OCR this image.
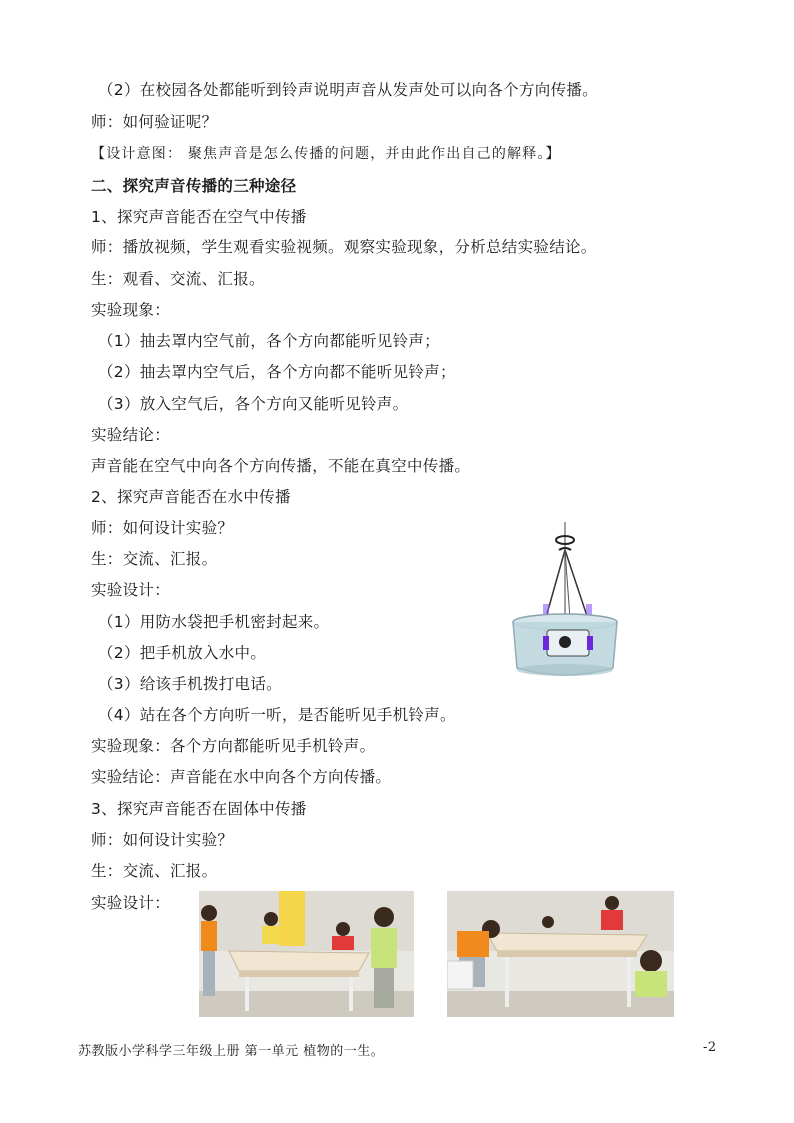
（2）在校园各处都能听到铃声说明声音从发声处可以向各个方向传播。
师：如何验证呢？
【设计意图： 聚焦声音是怎么传播的问题，并由此作出自己的解释。】
二、探究声音传播的三种途径
1、探究声音能否在空气中传播
师：播放视频，学生观看实验视频。观察实验现象，分析总结实验结论。
生：观看、交流、汇报。
实验现象：
（1）抽去罩内空气前，各个方向都能听见铃声；
（2）抽去罩内空气后，各个方向都不能听见铃声；
（3）放入空气后，各个方向又能听见铃声。
实验结论：
声音能在空气中向各个方向传播，不能在真空中传播。
2、探究声音能否在水中传播
师：如何设计实验？
生：交流、汇报。
实验设计：
（1）用防水袋把手机密封起来。
（2）把手机放入水中。
（3）给该手机拨打电话。
（4）站在各个方向听一听，是否能听见手机铃声。
实验现象：各个方向都能听见手机铃声。
实验结论：声音能在水中向各个方向传播。
3、探究声音能否在固体中传播
师：如何设计实验？
生：交流、汇报。
实验设计：
苏教版小学科学三年级上册 第一单元 植物的一生。	-2
